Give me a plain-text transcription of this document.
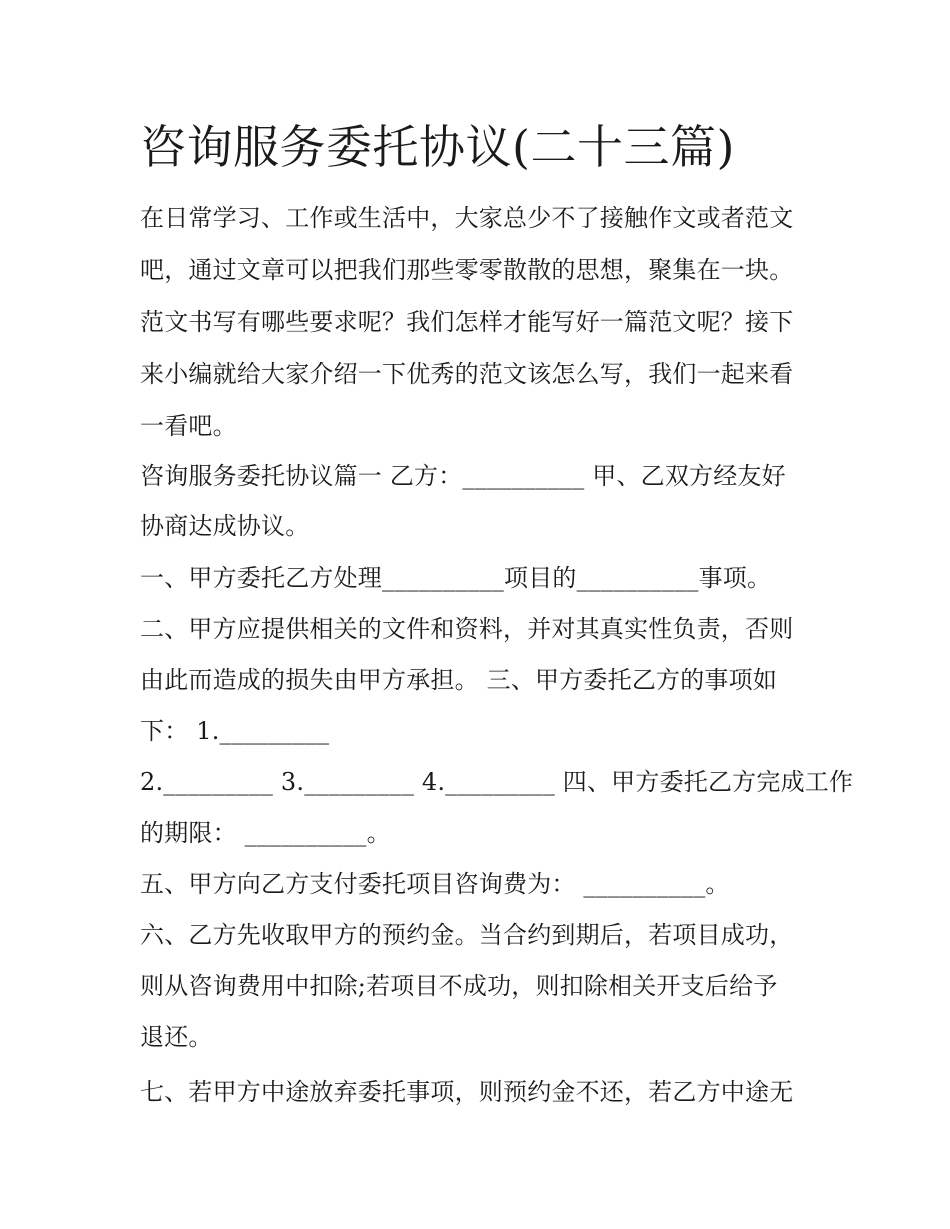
咨询服务委托协议(二十三篇)
在日常学习、工作或生活中，大家总少不了接触作文或者范文
吧，通过文章可以把我们那些零零散散的思想，聚集在一块。
范文书写有哪些要求呢？我们怎样才能写好一篇范文呢？接下
来小编就给大家介绍一下优秀的范文该怎么写，我们一起来看
一看吧。
咨询服务委托协议篇一 乙方：__________ 甲、乙双方经友好
协商达成协议。
一、甲方委托乙方处理__________项目的__________事项。
二、甲方应提供相关的文件和资料，并对其真实性负责，否则
由此而造成的损失由甲方承担。 三、甲方委托乙方的事项如
下： 1._________
2._________ 3._________ 4._________ 四、甲方委托乙方完成工作
的期限： __________。
五、甲方向乙方支付委托项目咨询费为： __________。
六、乙方先收取甲方的预约金。当合约到期后，若项目成功，
则从咨询费用中扣除;若项目不成功，则扣除相关开支后给予
退还。
七、若甲方中途放弃委托事项，则预约金不还，若乙方中途无
